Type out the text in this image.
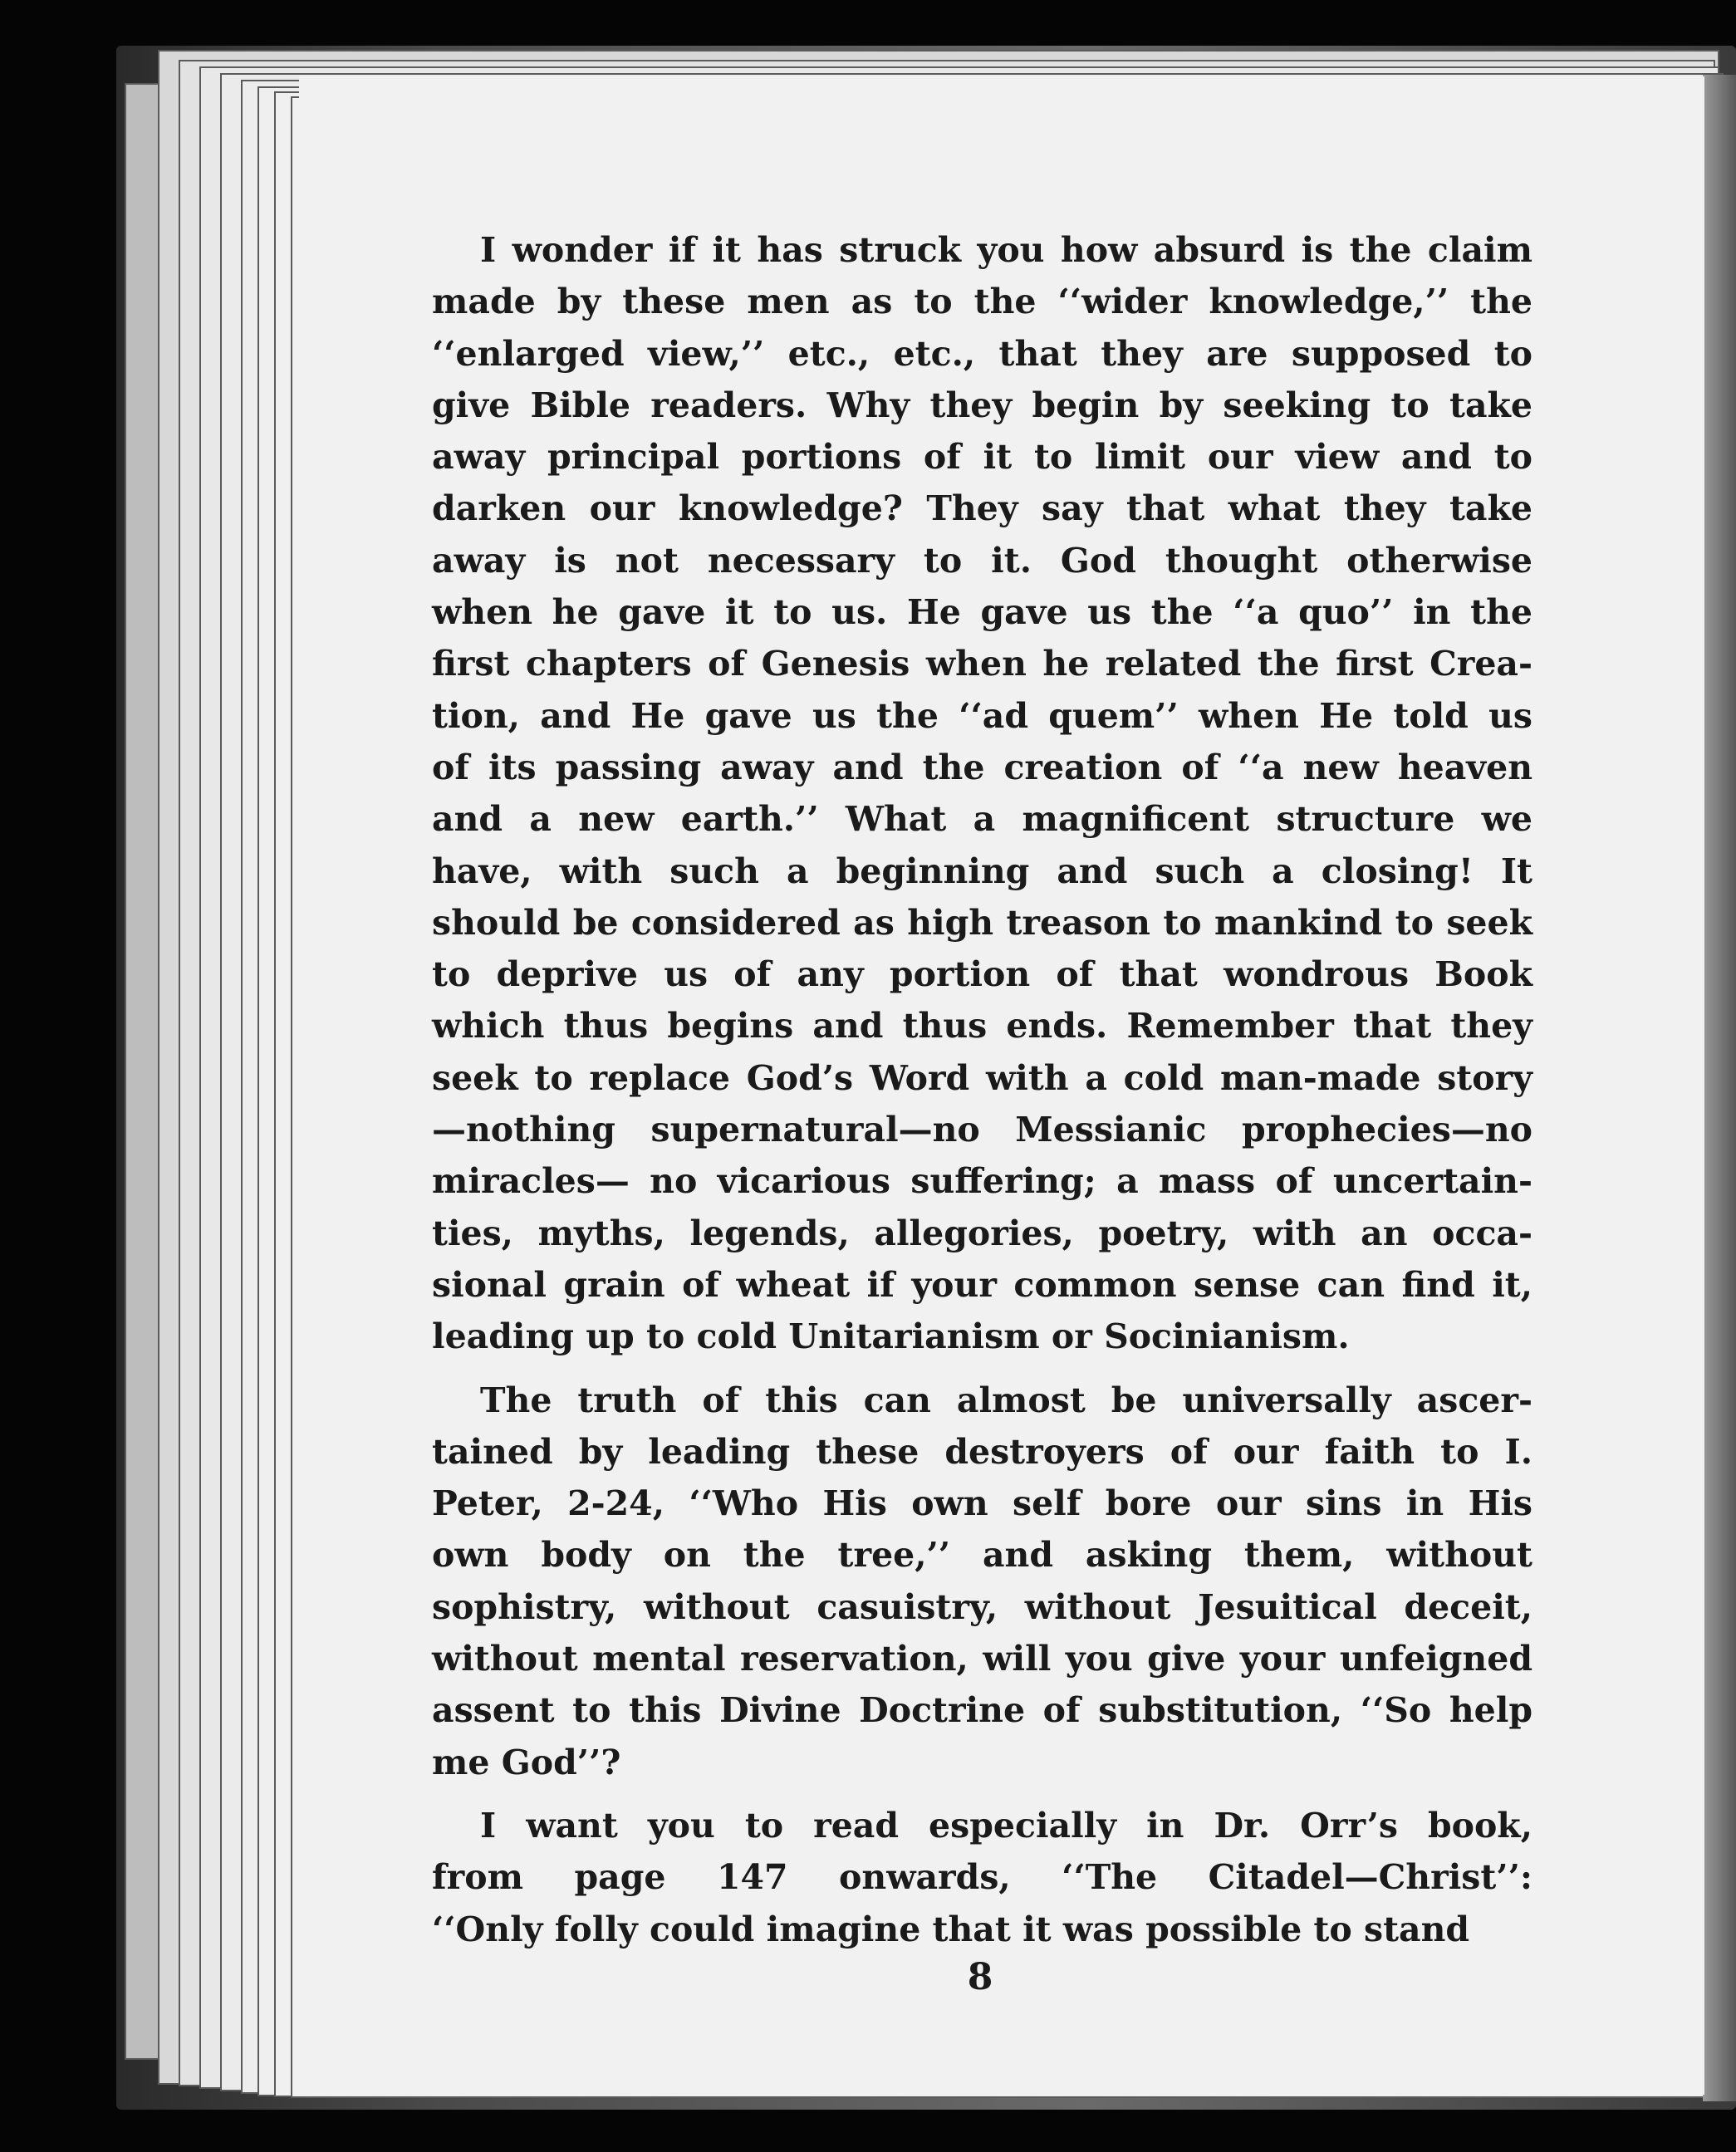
I wonder if it has struck you how absurd is the claim
made by these men as to the ‘‘wider knowledge,’’ the
‘‘enlarged view,’’ etc., etc., that they are supposed to
give Bible readers. Why they begin by seeking to take
away principal portions of it to limit our view and to
darken our knowledge? They say that what they take
away is not necessary to it. God thought otherwise
when he gave it to us. He gave us the ‘‘a quo’’ in the
first chapters of Genesis when he related the first Crea-
tion, and He gave us the ‘‘ad quem’’ when He told us
of its passing away and the creation of ‘‘a new heaven
and a new earth.’’ What a magnificent structure we
have, with such a beginning and such a closing! It
should be considered as high treason to mankind to seek
to deprive us of any portion of that wondrous Book
which thus begins and thus ends. Remember that they
seek to replace God’s Word with a cold man-made story
—nothing supernatural—no Messianic prophecies—no
miracles— no vicarious suffering; a mass of uncertain-
ties, myths, legends, allegories, poetry, with an occa-
sional grain of wheat if your common sense can find it,
leading up to cold Unitarianism or Socinianism.
The truth of this can almost be universally ascer-
tained by leading these destroyers of our faith to I.
Peter, 2-24, ‘‘Who His own self bore our sins in His
own body on the tree,’’ and asking them, without
sophistry, without casuistry, without Jesuitical deceit,
without mental reservation, will you give your unfeigned
assent to this Divine Doctrine of substitution, ‘‘So help
me God’’?
I want you to read especially in Dr. Orr’s book,
from page 147 onwards, ‘‘The Citadel—Christ’’:
‘‘Only folly could imagine that it was possible to stand
8
